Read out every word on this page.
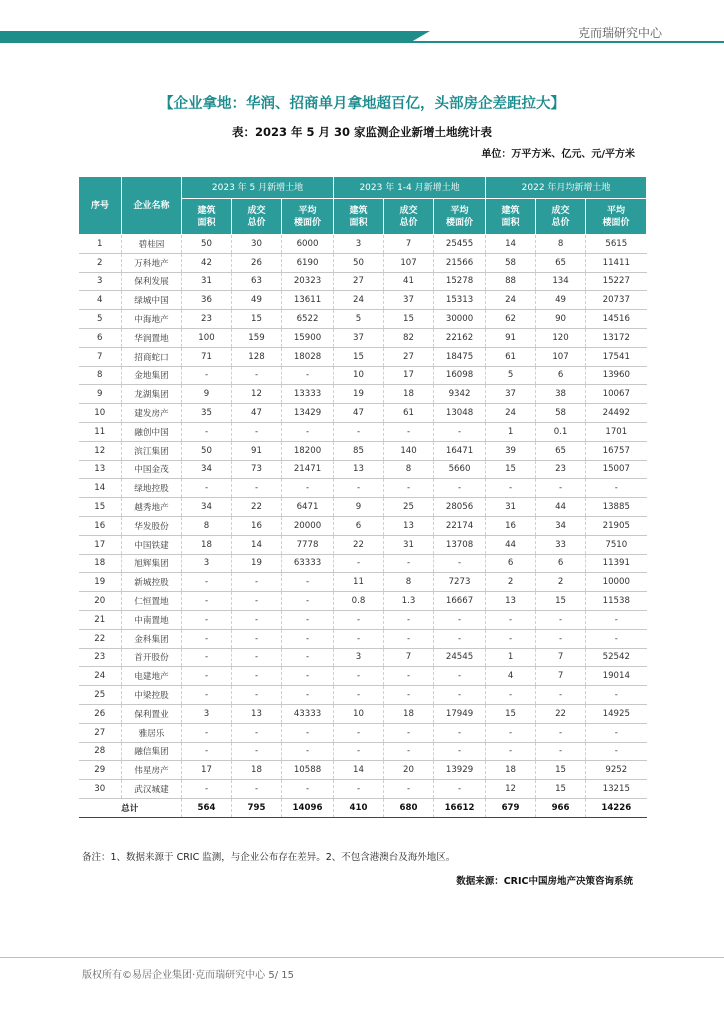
克而瑞研究中心
【企业拿地：华润、招商单月拿地超百亿，头部房企差距拉大】
表：2023 年 5 月 30 家监测企业新增土地统计表
单位：万平方米、亿元、元/平方米
序号	企业名称	2023 年 5 月新增土地			2023 年 1-4 月新增土地			2022 年月均新增土地		

		建筑
面积	成交
总价	平均
楼面价	建筑
面积	成交
总价	平均
楼面价	建筑
面积	成交
总价	平均
楼面价

1	碧桂园	50	30	6000	3	7	25455	14	8	5615
2	万科地产	42	26	6190	50	107	21566	58	65	11411
3	保利发展	31	63	20323	27	41	15278	88	134	15227
4	绿城中国	36	49	13611	24	37	15313	24	49	20737
5	中海地产	23	15	6522	5	15	30000	62	90	14516
6	华润置地	100	159	15900	37	82	22162	91	120	13172
7	招商蛇口	71	128	18028	15	27	18475	61	107	17541
8	金地集团	-	-	-	10	17	16098	5	6	13960
9	龙湖集团	9	12	13333	19	18	9342	37	38	10067
10	建发房产	35	47	13429	47	61	13048	24	58	24492
11	融创中国	-	-	-	-	-	-	1	0.1	1701
12	滨江集团	50	91	18200	85	140	16471	39	65	16757
13	中国金茂	34	73	21471	13	8	5660	15	23	15007
14	绿地控股	-	-	-	-	-	-	-	-	-
15	越秀地产	34	22	6471	9	25	28056	31	44	13885
16	华发股份	8	16	20000	6	13	22174	16	34	21905
17	中国铁建	18	14	7778	22	31	13708	44	33	7510
18	旭辉集团	3	19	63333	-	-	-	6	6	11391
19	新城控股	-	-	-	11	8	7273	2	2	10000
20	仁恒置地	-	-	-	0.8	1.3	16667	13	15	11538
21	中南置地	-	-	-	-	-	-	-	-	-
22	金科集团	-	-	-	-	-	-	-	-	-
23	首开股份	-	-	-	3	7	24545	1	7	52542
24	电建地产	-	-	-	-	-	-	4	7	19014
25	中梁控股	-	-	-	-	-	-	-	-	-
26	保利置业	3	13	43333	10	18	17949	15	22	14925
27	雅居乐	-	-	-	-	-	-	-	-	-
28	融信集团	-	-	-	-	-	-	-	-	-
29	伟星房产	17	18	10588	14	20	13929	18	15	9252
30	武汉城建	-	-	-	-	-	-	12	15	13215
总计		564	795	14096	410	680	16612	679	966	14226
备注：1、数据来源于 CRIC 监测，与企业公布存在差异。2、不包含港澳台及海外地区。
数据来源：CRIC中国房地产决策咨询系统
版权所有©易居企业集团·克而瑞研究中心 5/ 15
